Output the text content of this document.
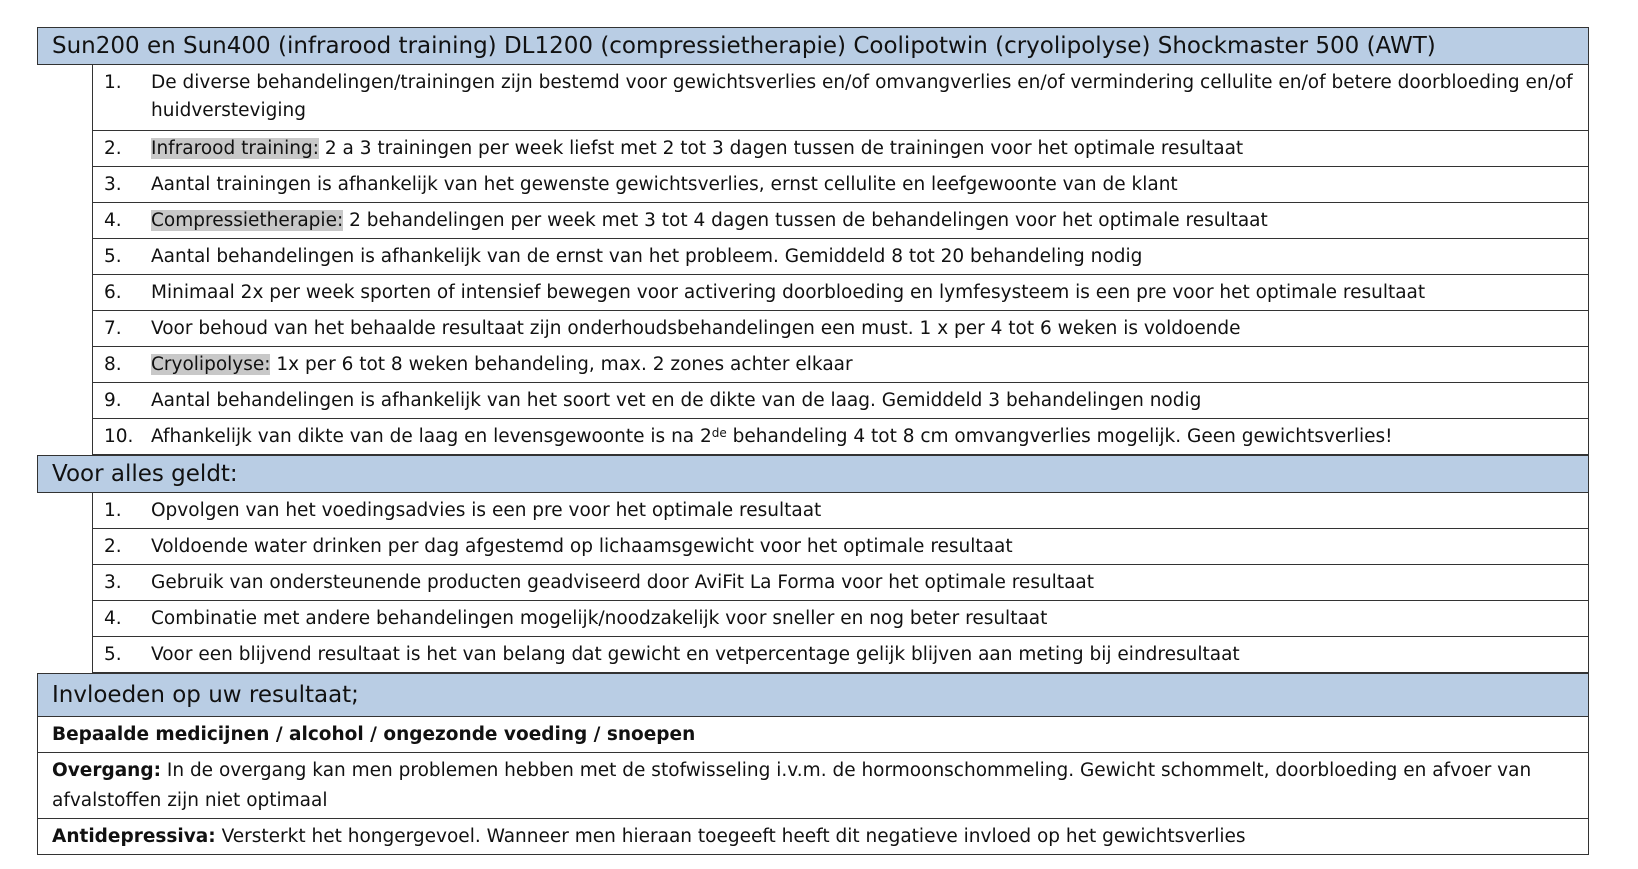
Sun200 en Sun400 (infrarood training) DL1200 (compressietherapie) Coolipotwin (cryolipolyse) Shockmaster 500 (AWT)
1.	De diverse behandelingen/trainingen zijn bestemd voor gewichtsverlies en/of omvangverlies en/of vermindering cellulite en/of betere doorbloeding en/of huidversteviging
2.	Infrarood training: 2 a 3 trainingen per week liefst met 2 tot 3 dagen tussen de trainingen voor het optimale resultaat
3.	Aantal trainingen is afhankelijk van het gewenste gewichtsverlies, ernst cellulite en leefgewoonte van de klant
4.	Compressietherapie: 2 behandelingen per week met 3 tot 4 dagen tussen de behandelingen voor het optimale resultaat
5.	Aantal behandelingen is afhankelijk van de ernst van het probleem. Gemiddeld 8 tot 20 behandeling nodig
6.	Minimaal 2x per week sporten of intensief bewegen voor activering doorbloeding en lymfesysteem is een pre voor het optimale resultaat
7.	Voor behoud van het behaalde resultaat zijn onderhoudsbehandelingen een must. 1 x per 4 tot 6 weken is voldoende
8.	Cryolipolyse: 1x per 6 tot 8 weken behandeling, max. 2 zones achter elkaar
9.	Aantal behandelingen is afhankelijk van het soort vet en de dikte van de laag. Gemiddeld 3 behandelingen nodig
10. Afhankelijk van dikte van de laag en levensgewoonte is na 2de behandeling 4 tot 8 cm omvangverlies mogelijk. Geen gewichtsverlies!
Voor alles geldt:
1.	Opvolgen van het voedingsadvies is een pre voor het optimale resultaat
2.	Voldoende water drinken per dag afgestemd op lichaamsgewicht voor het optimale resultaat
3.	Gebruik van ondersteunende producten geadviseerd door AviFit La Forma voor het optimale resultaat
4.	Combinatie met andere behandelingen mogelijk/noodzakelijk voor sneller en nog beter resultaat
5.	Voor een blijvend resultaat is het van belang dat gewicht en vetpercentage gelijk blijven aan meting bij eindresultaat
Invloeden op uw resultaat;
Bepaalde medicijnen / alcohol / ongezonde voeding / snoepen
Overgang: In de overgang kan men problemen hebben met de stofwisseling i.v.m. de hormoonschommeling. Gewicht schommelt, doorbloeding en afvoer van afvalstoffen zijn niet optimaal
Antidepressiva: Versterkt het hongergevoel. Wanneer men hieraan toegeeft heeft dit negatieve invloed op het gewichtsverlies
